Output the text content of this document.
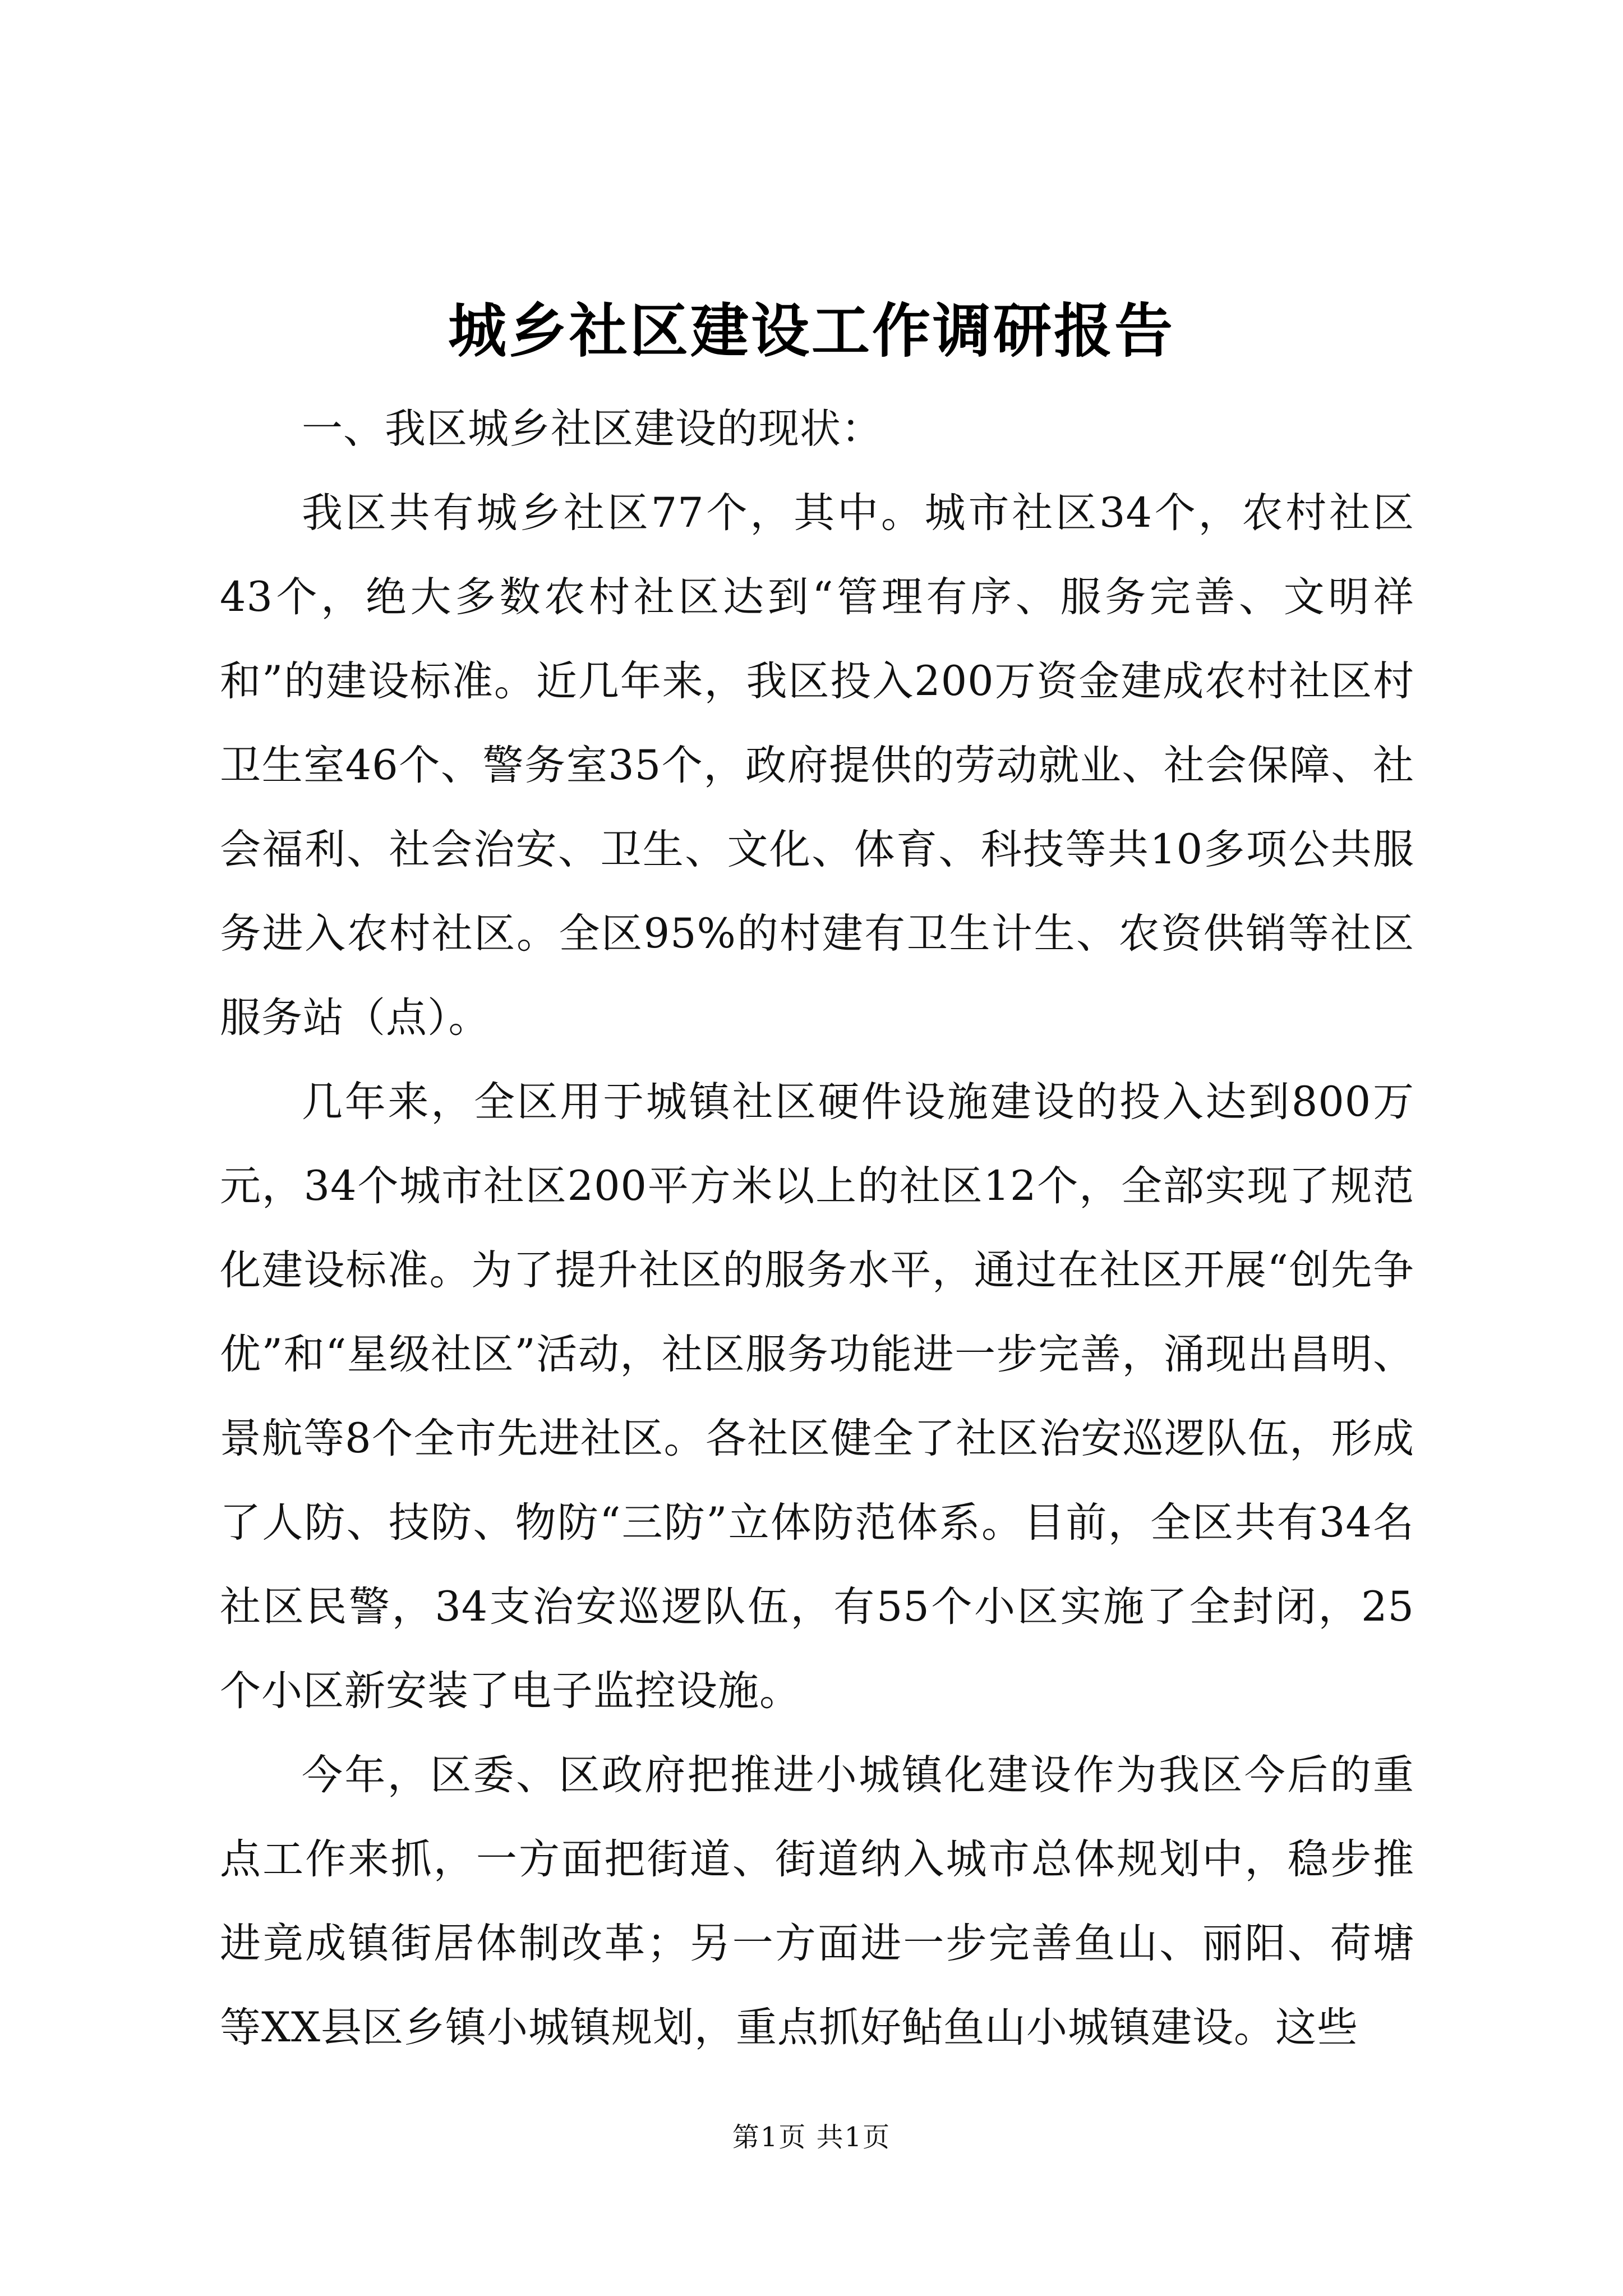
城乡社区建设工作调研报告

一、我区城乡社区建设的现状：

我区共有城乡社区77个，其中。城市社区34个，农村社区43个，绝大多数农村社区达到“管理有序、服务完善、文明祥和”的建设标准。近几年来，我区投入200万资金建成农村社区村卫生室46个、警务室35个，政府提供的劳动就业、社会保障、社会福利、社会治安、卫生、文化、体育、科技等共10多项公共服务进入农村社区。全区95%的村建有卫生计生、农资供销等社区服务站（点）。

几年来，全区用于城镇社区硬件设施建设的投入达到800万元，34个城市社区200平方米以上的社区12个，全部实现了规范化建设标准。为了提升社区的服务水平，通过在社区开展“创先争优”和“星级社区”活动，社区服务功能进一步完善，涌现出昌明、景航等8个全市先进社区。各社区健全了社区治安巡逻队伍，形成了人防、技防、物防“三防”立体防范体系。目前，全区共有34名社区民警，34支治安巡逻队伍，有55个小区实施了全封闭，25个小区新安装了电子监控设施。

今年，区委、区政府把推进小城镇化建设作为我区今后的重点工作来抓，一方面把街道、街道纳入城市总体规划中，稳步推进竟成镇街居体制改革；另一方面进一步完善鱼山、丽阳、荷塘等XX县区乡镇小城镇规划，重点抓好鲇鱼山小城镇建设。这些

第1页 共1页
